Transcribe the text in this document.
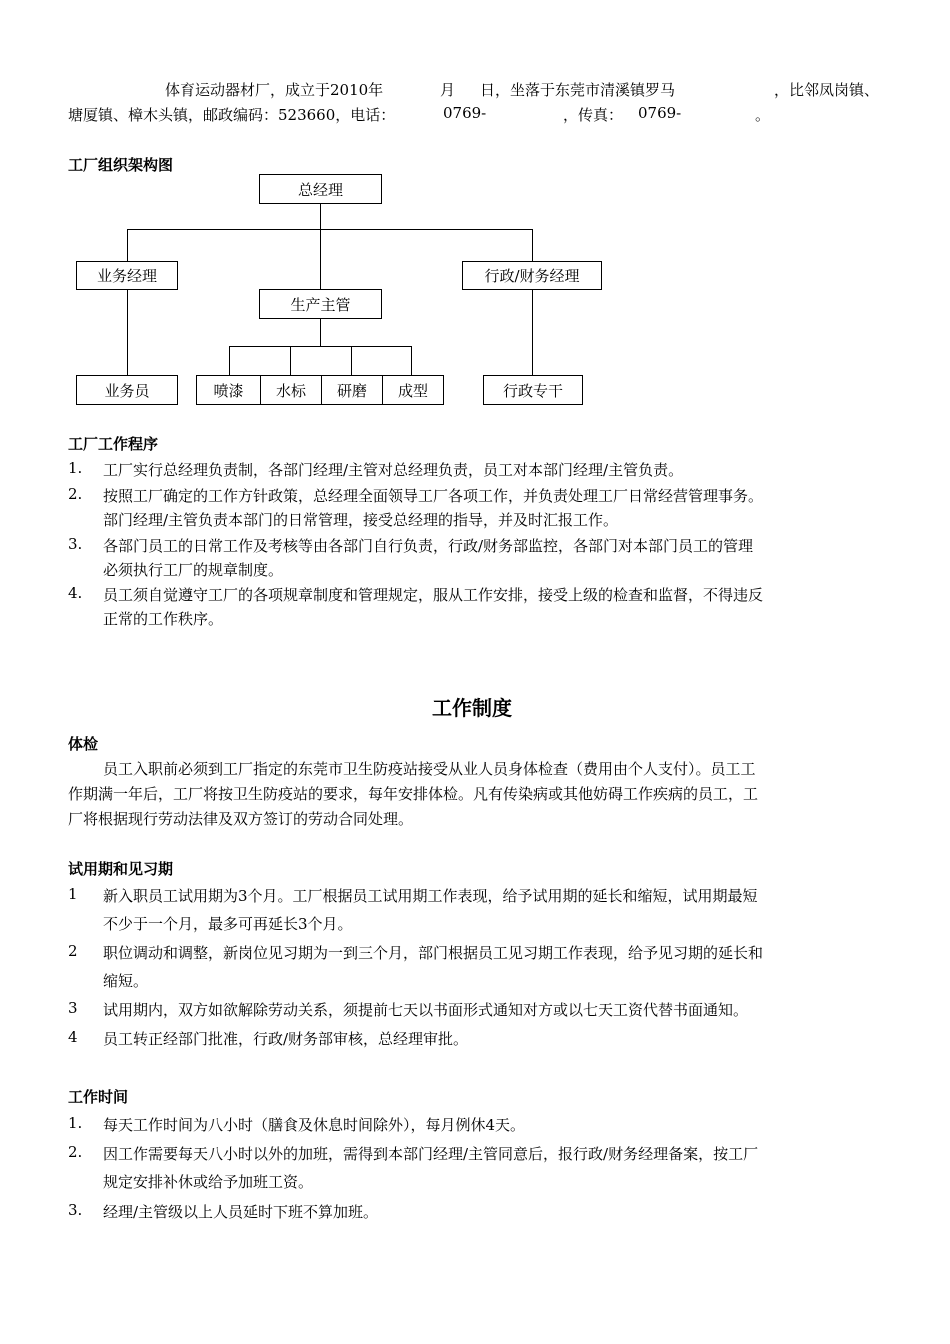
体育运动器材厂，成立于2010年	月 日，坐落于东莞市清溪镇罗马	，比邻凤岗镇、
塘厦镇、樟木头镇，邮政编码：523660，电话：	0769-	，传真： 0769-	。
工厂组织架构图
总经理
业务经理
生产主管
行政/财务经理
业务员	喷漆	水标	研磨	成型	行政专干
工厂工作程序
1. 工厂实行总经理负责制，各部门经理/主管对总经理负责，员工对本部门经理/主管负责。
2. 按照工厂确定的工作方针政策，总经理全面领导工厂各项工作，并负责处理工厂日常经营管理事务。
部门经理/主管负责本部门的日常管理，接受总经理的指导，并及时汇报工作。
3. 各部门员工的日常工作及考核等由各部门自行负责，行政/财务部监控，各部门对本部门员工的管理
必须执行工厂的规章制度。
4. 员工须自觉遵守工厂的各项规章制度和管理规定，服从工作安排，接受上级的检查和监督，不得违反
正常的工作秩序。
工作制度
体检
员工入职前必须到工厂指定的东莞市卫生防疫站接受从业人员身体检查（费用由个人支付）。员工工
作期满一年后，工厂将按卫生防疫站的要求，每年安排体检。凡有传染病或其他妨碍工作疾病的员工，工
厂将根据现行劳动法律及双方签订的劳动合同处理。
试用期和见习期
1 新入职员工试用期为3个月。工厂根据员工试用期工作表现，给予试用期的延长和缩短，试用期最短
不少于一个月，最多可再延长3个月。
2 职位调动和调整，新岗位见习期为一到三个月，部门根据员工见习期工作表现，给予见习期的延长和
缩短。
3 试用期内，双方如欲解除劳动关系，须提前七天以书面形式通知对方或以七天工资代替书面通知。
4 员工转正经部门批准，行政/财务部审核，总经理审批。
工作时间
1. 每天工作时间为八小时（膳食及休息时间除外），每月例休4天。
2. 因工作需要每天八小时以外的加班，需得到本部门经理/主管同意后，报行政/财务经理备案，按工厂
规定安排补休或给予加班工资。
3. 经理/主管级以上人员延时下班不算加班。
